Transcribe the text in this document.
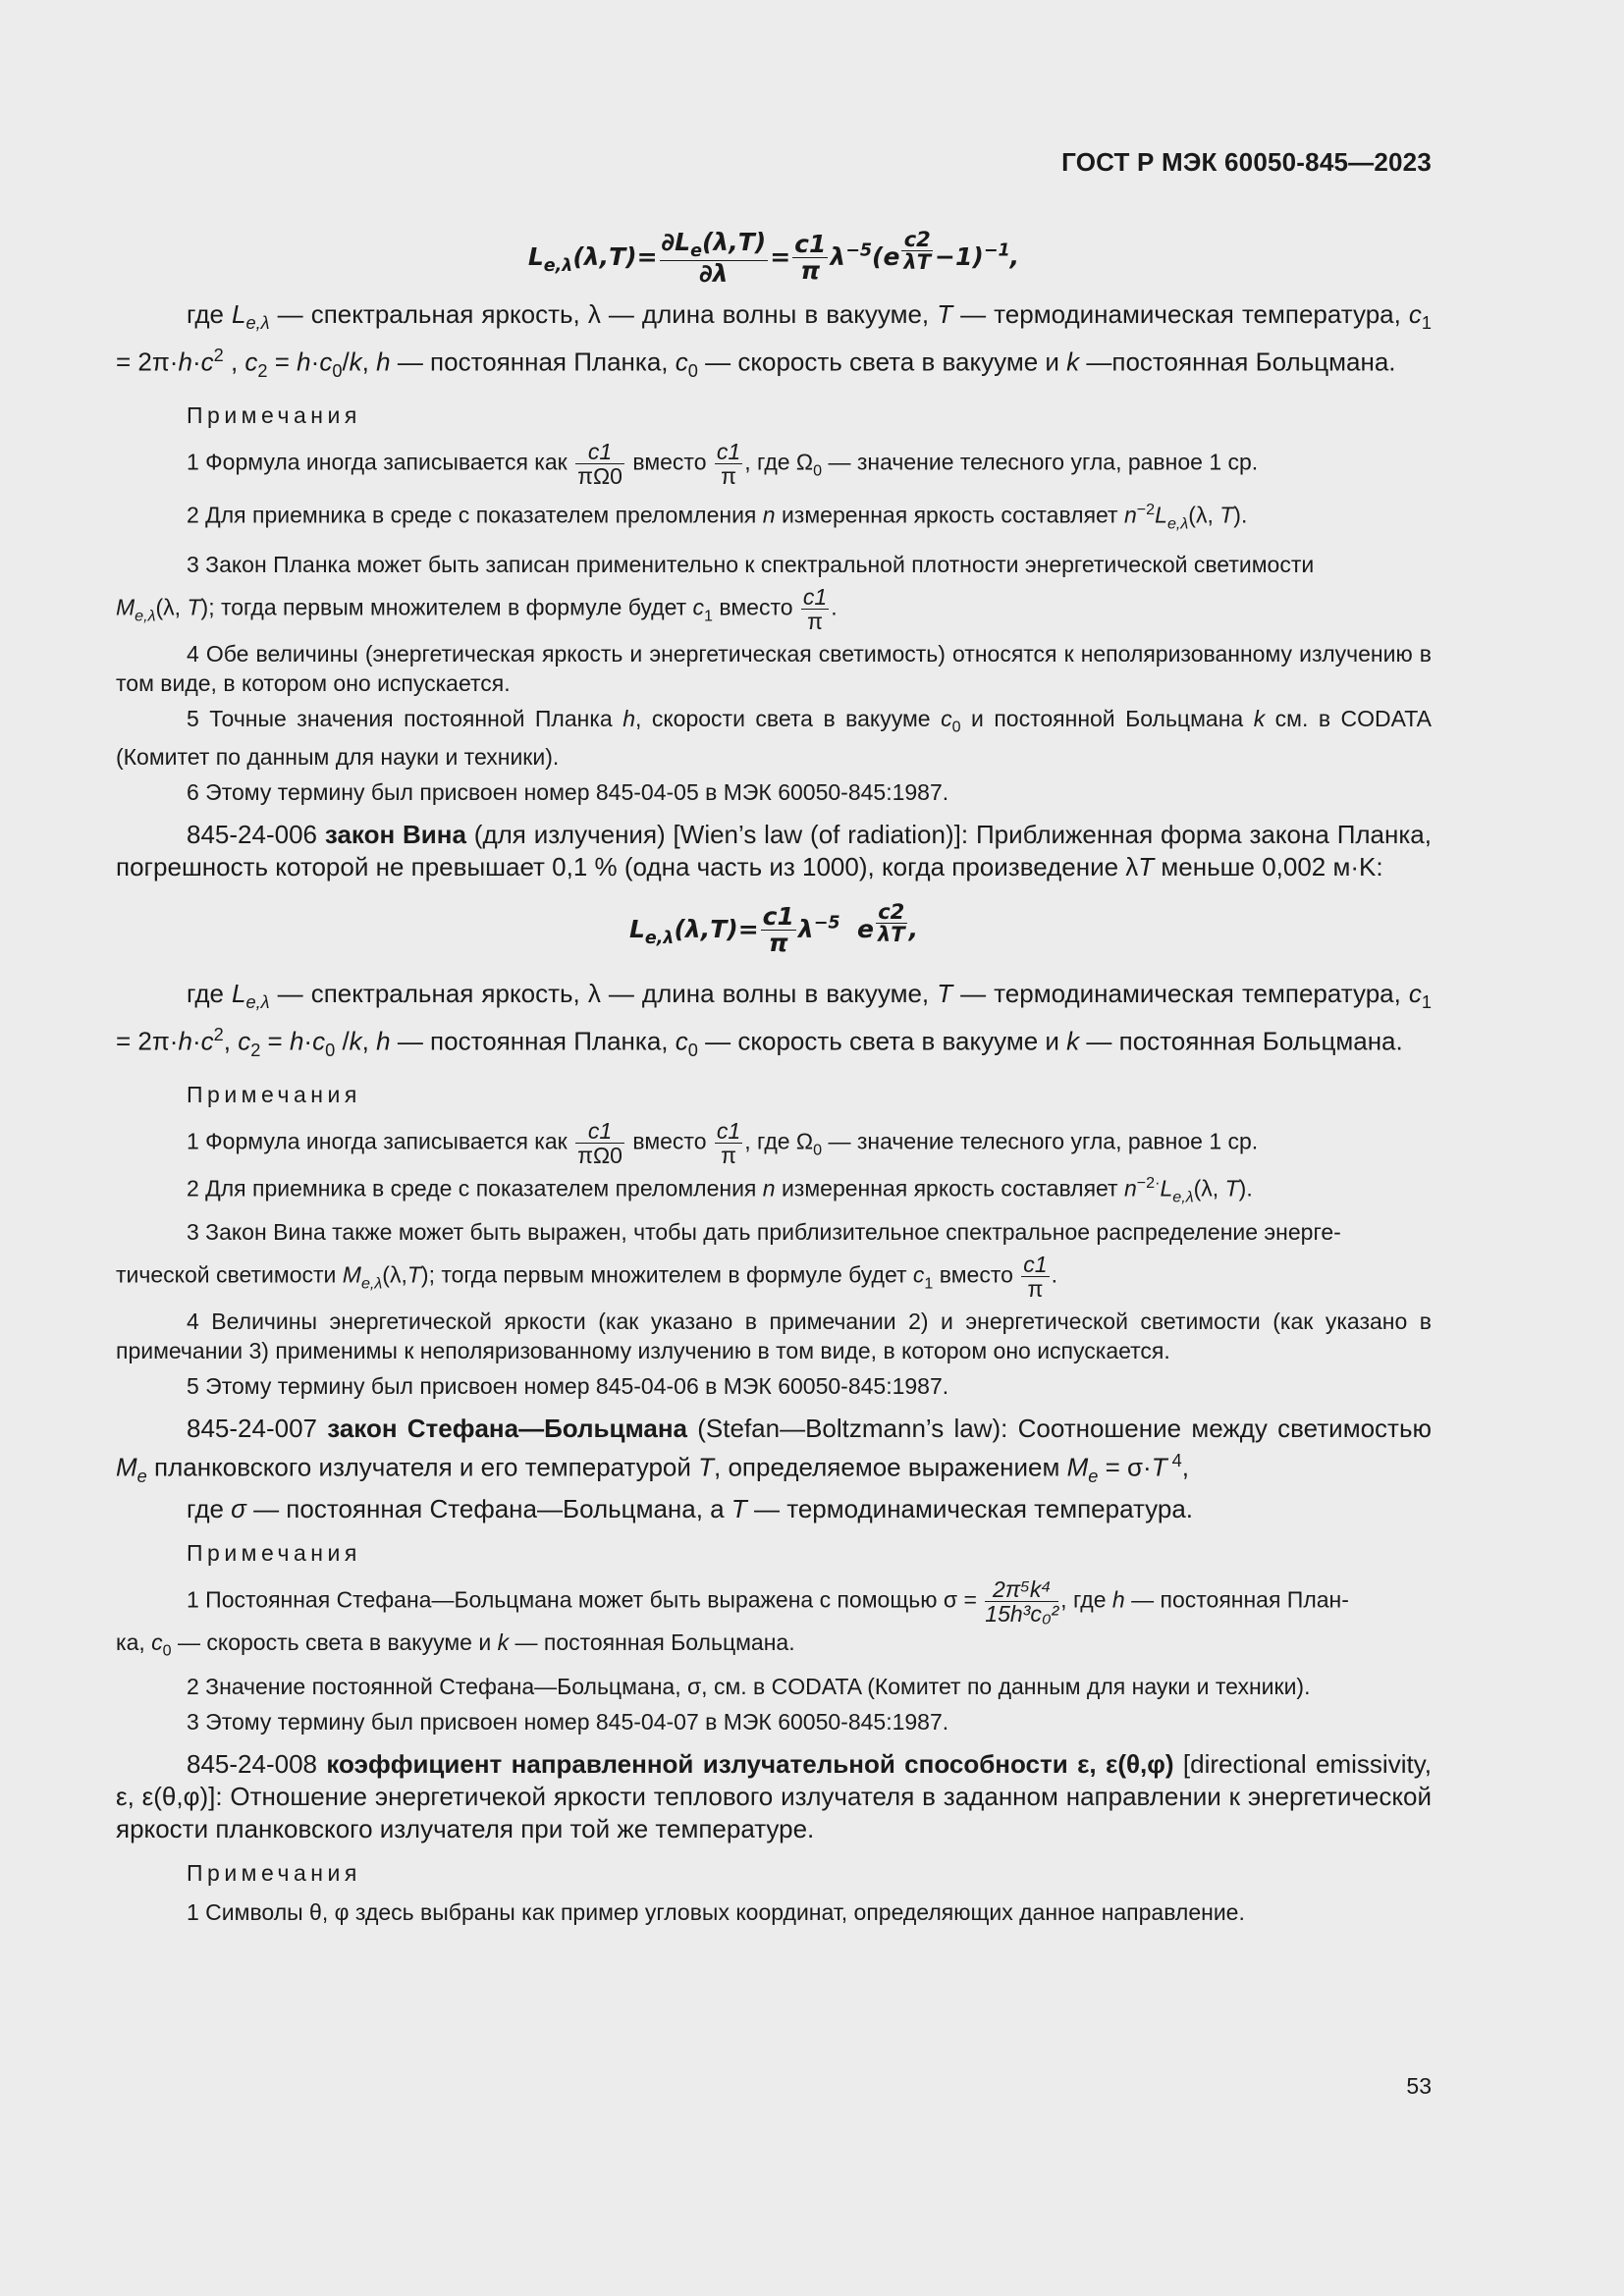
ГОСТ Р МЭК 60050-845—2023
$L_{e,\lambda}(\lambda,T)= \frac{\partial L_e(\lambda,T)}{\partial\lambda} = \frac{c1}{\pi} \lambda^{-5}(e$ $^{\frac{c2}{\lambda T}}$ −1)$^{-1}$,

где $L_{e,\lambda}$ — спектральная яркость, λ — длина волны в вакууме, T — термодинамическая температура, $c_1 = 2\pi\cdot h\cdot c^2$ , $c_2 = h\cdot c_0/k$, h — постоянная Планка, $c_0$ — скорость света в вакууме и k —постоянная Больцмана.

Примечания

1 Формула иногда записывается как $\frac{c1}{\pi\Omega 0}$ вместо $\frac{c1}{\pi}$ , где $\Omega_0$ — значение телесного угла, равное 1 ср.

2 Для приемника в среде с показателем преломления n измеренная яркость составляет $n^{-2}L_{e,\lambda}(\lambda$, T).

3 Закон Планка может быть записан применительно к спектральной плотности энергетической светимости

$M_{e,\lambda}(\lambda$, T); тогда первым множителем в формуле будет $c_1$ вместо $\frac{c1}{\pi}$ .

4 Обе величины (энергетическая яркость и энергетическая светимость) относятся к неполяризованному излучению в том виде, в котором оно испускается.

5 Точные значения постоянной Планка h, скорости света в вакууме $c_0$ и постоянной Больцмана k см. в CODATA (Комитет по данным для науки и техники).

6 Этому термину был присвоен номер 845-04-05 в МЭК 60050-845:1987.

845-24-006 закон Вина (для излучения) [Wien’s law (of radiation)]: Приближенная форма закона Планка, погрешность которой не превышает 0,1 % (одна часть из 1000), когда произведение λT меньше 0,002 м·K:

$L_{e,\lambda}(\lambda,T)= \frac{c1}{\pi} \lambda^{-5}$ e $^{\frac{c2}{\lambda T}}$ ,

где $L_{e,\lambda}$ — спектральная яркость, λ — длина волны в вакууме, T — термодинамическая температура, $c_1 = 2\pi\cdot h\cdot c^2$, $c_2 = h\cdot c_0$ /k, h — постоянная Планка, $c_0$ — скорость света в вакууме и k — постоянная Больцмана.

Примечания

1 Формула иногда записывается как $\frac{c1}{\pi\Omega 0}$ вместо $\frac{c1}{\pi}$ , где $\Omega_0$ — значение телесного угла, равное 1 ср.

2 Для приемника в среде с показателем преломления n измеренная яркость составляет $n^{-2\cdot}L_{e,\lambda}(\lambda$, T).

3 Закон Вина также может быть выражен, чтобы дать приблизительное спектральное распределение энерге-

тической светимости $M_{e,\lambda}(\lambda,T)$; тогда первым множителем в формуле будет $c_1$ вместо $\frac{c1}{\pi}$ .

4 Величины энергетической яркости (как указано в примечании 2) и энергетической светимости (как указано в примечании 3) применимы к неполяризованному излучению в том виде, в котором оно испускается.

5 Этому термину был присвоен номер 845-04-06 в МЭК 60050-845:1987.

845-24-007 закон Стефана—Больцмана (Stefan—Boltzmann’s law): Соотношение между светимостью $M_e$ планковского излучателя и его температурой T, определяемое выражением $M_e = \sigma\cdot T$ $^4$,

где σ — постоянная Стефана—Больцмана, а T — термодинамическая температура.

Примечания

1 Постоянная Стефана—Больцмана может быть выражена с помощью $\sigma = \frac{\text{2π⁵k⁴}}{\text{15h³c₀²}}$, где h — постоянная План-

ка, $c_0$ — скорость света в вакууме и k — постоянная Больцмана.

2 Значение постоянной Стефана—Больцмана, σ, см. в CODATA (Комитет по данным для науки и техники).

3 Этому термину был присвоен номер 845-04-07 в МЭК 60050-845:1987.

845-24-008 коэффициент направленной излучательной способности ε, ε(θ,φ) [directional emissivity, ε, ε(θ,φ)]: Отношение энергетичекой яркости теплового излучателя в заданном направлении к энергетической яркости планковского излучателя при той же температуре.

Примечания

1 Символы θ, φ здесь выбраны как пример угловых координат, определяющих данное направление.

53
